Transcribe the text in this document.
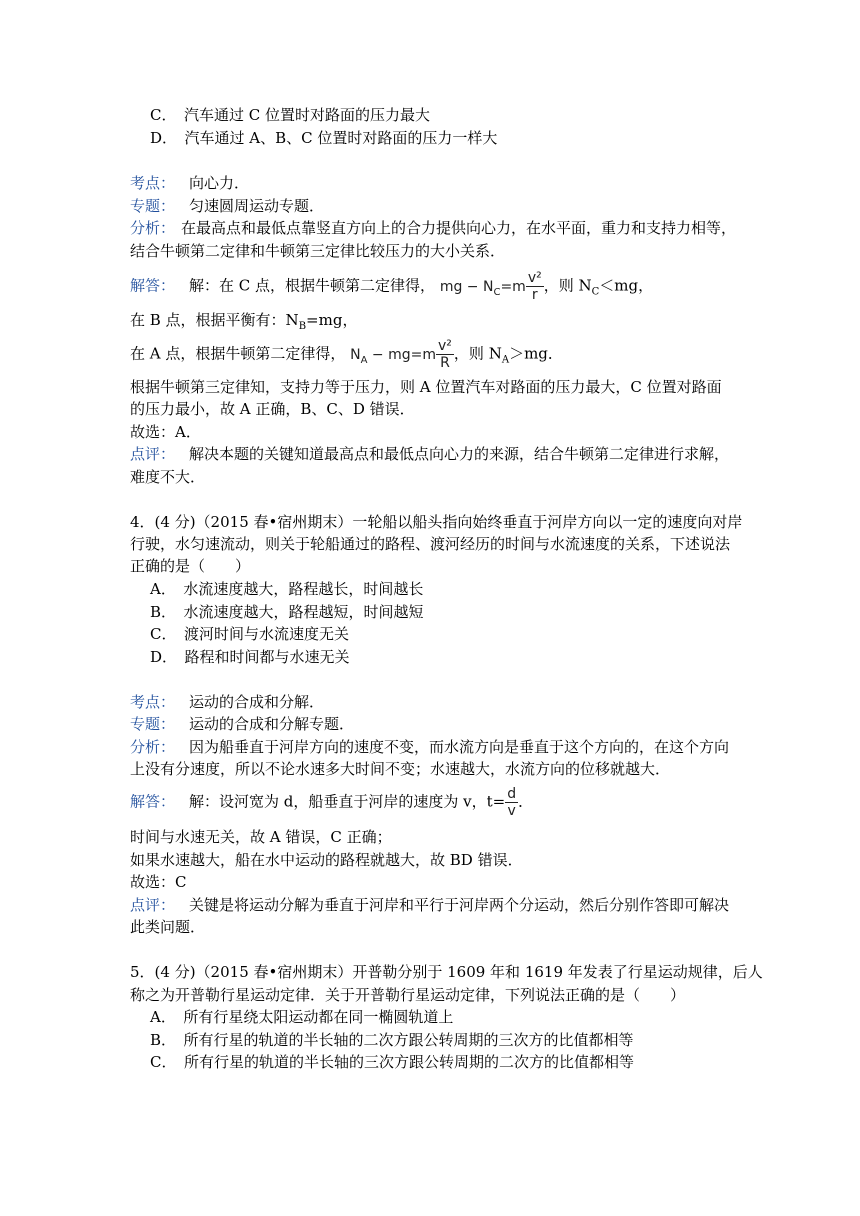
C．　汽车通过 C 位置时对路面的压力最大
D．　汽车通过 A、B、C 位置时对路面的压力一样大
考点： 向心力．
专题： 匀速圆周运动专题．
分析： 在最高点和最低点靠竖直方向上的合力提供向心力，在水平面，重力和支持力相等，
结合牛顿第二定律和牛顿第三定律比较压力的大小关系．
解答： 解：在 C 点，根据牛顿第二定律得， mg − $N_C=m \frac{\text{v²}}{r}$ ，则 $N_C<mg$，
在 B 点，根据平衡有：$N_B=mg$，
在 A 点，根据牛顿第二定律得， $N_A - mg=m \frac{\text{v²}}{R}$ ，则 $N_A>mg$．
根据牛顿第三定律知，支持力等于压力，则 A 位置汽车对路面的压力最大，C 位置对路面
的压力最小，故 A 正确，B、C、D 错误．
故选：A．
点评： 解决本题的关键知道最高点和最低点向心力的来源，结合牛顿第二定律进行求解，
难度不大．
4．(4 分)（2015 春•宿州期末）一轮船以船头指向始终垂直于河岸方向以一定的速度向对岸
行驶，水匀速流动，则关于轮船通过的路程、渡河经历的时间与水流速度的关系，下述说法
正确的是（　　）
A．　水流速度越大，路程越长，时间越长
B．　水流速度越大，路程越短，时间越短
C．　渡河时间与水流速度无关
D．　路程和时间都与水速无关
考点： 运动的合成和分解．
专题： 运动的合成和分解专题．
分析： 因为船垂直于河岸方向的速度不变，而水流方向是垂直于这个方向的，在这个方向
上没有分速度，所以不论水速多大时间不变；水速越大，水流方向的位移就越大．
解答： 解：设河宽为 d，船垂直于河岸的速度为 v，$t= \frac{d}{v}$ ．
时间与水速无关，故 A 错误，C 正确；
如果水速越大，船在水中运动的路程就越大，故 BD 错误．
故选：C
点评： 关键是将运动分解为垂直于河岸和平行于河岸两个分运动，然后分别作答即可解决
此类问题．
5．(4 分)（2015 春•宿州期末）开普勒分别于 1609 年和 1619 年发表了行星运动规律，后人
称之为开普勒行星运动定律．关于开普勒行星运动定律，下列说法正确的是（　　）
A．　所有行星绕太阳运动都在同一椭圆轨道上
B．　所有行星的轨道的半长轴的二次方跟公转周期的三次方的比值都相等
C．　所有行星的轨道的半长轴的三次方跟公转周期的二次方的比值都相等
